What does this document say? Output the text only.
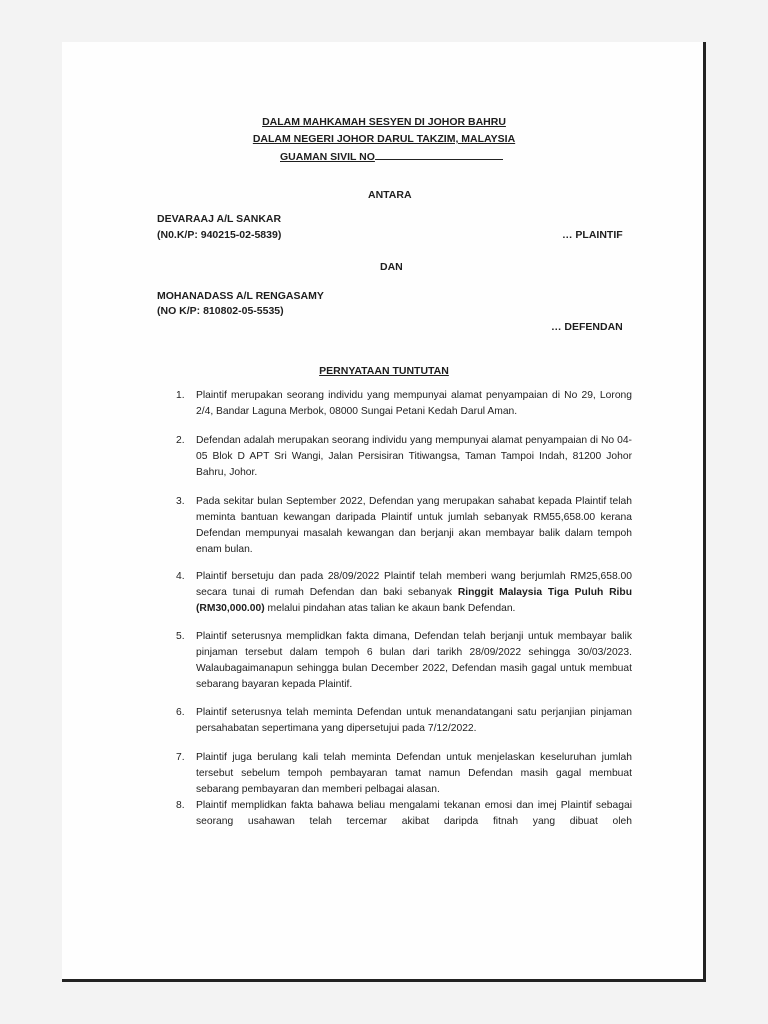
DALAM MAHKAMAH SESYEN DI JOHOR BAHRU
DALAM NEGERI JOHOR DARUL TAKZIM, MALAYSIA
GUAMAN SIVIL NO
ANTARA
DEVARAAJ A/L SANKAR
(N0.K/P: 940215-02-5839)	… PLAINTIF
DAN
MOHANADASS A/L RENGASAMY
(NO K/P: 810802-05-5535)
… DEFENDAN
PERNYATAAN TUNTUTAN
1.	Plaintif merupakan seorang individu yang mempunyai alamat penyampaian di No 29, Lorong 2/4, Bandar Laguna Merbok, 08000 Sungai Petani Kedah Darul Aman.
2.	Defendan adalah merupakan seorang individu yang mempunyai alamat penyampaian di No 04-05 Blok D APT Sri Wangi, Jalan Persisiran Titiwangsa, Taman Tampoi Indah, 81200 Johor Bahru, Johor.
3.	Pada sekitar bulan September 2022, Defendan yang merupakan sahabat kepada Plaintif telah meminta bantuan kewangan daripada Plaintif untuk jumlah sebanyak RM55,658.00 kerana Defendan mempunyai masalah kewangan dan berjanji akan membayar balik dalam tempoh enam bulan.
4.	Plaintif bersetuju dan pada 28/09/2022 Plaintif telah memberi wang berjumlah RM25,658.00 secara tunai di rumah Defendan dan baki sebanyak Ringgit Malaysia Tiga Puluh Ribu (RM30,000.00) melalui pindahan atas talian ke akaun bank Defendan.
5.	Plaintif seterusnya memplidkan fakta dimana, Defendan telah berjanji untuk membayar balik pinjaman tersebut dalam tempoh 6 bulan dari tarikh 28/09/2022 sehingga 30/03/2023. Walaubagaimanapun sehingga bulan December 2022, Defendan masih gagal untuk membuat sebarang bayaran kepada Plaintif.
6.	Plaintif seterusnya telah meminta Defendan untuk menandatangani satu perjanjian pinjaman persahabatan sepertimana yang dipersetujui pada 7/12/2022.
7.	Plaintif juga berulang kali telah meminta Defendan untuk menjelaskan keseluruhan jumlah tersebut sebelum tempoh pembayaran tamat namun Defendan masih gagal membuat sebarang pembayaran dan memberi pelbagai alasan.
8.	Plaintif memplidkan fakta bahawa beliau mengalami tekanan emosi dan imej Plaintif sebagai seorang usahawan telah tercemar akibat daripda fitnah yang dibuat oleh
